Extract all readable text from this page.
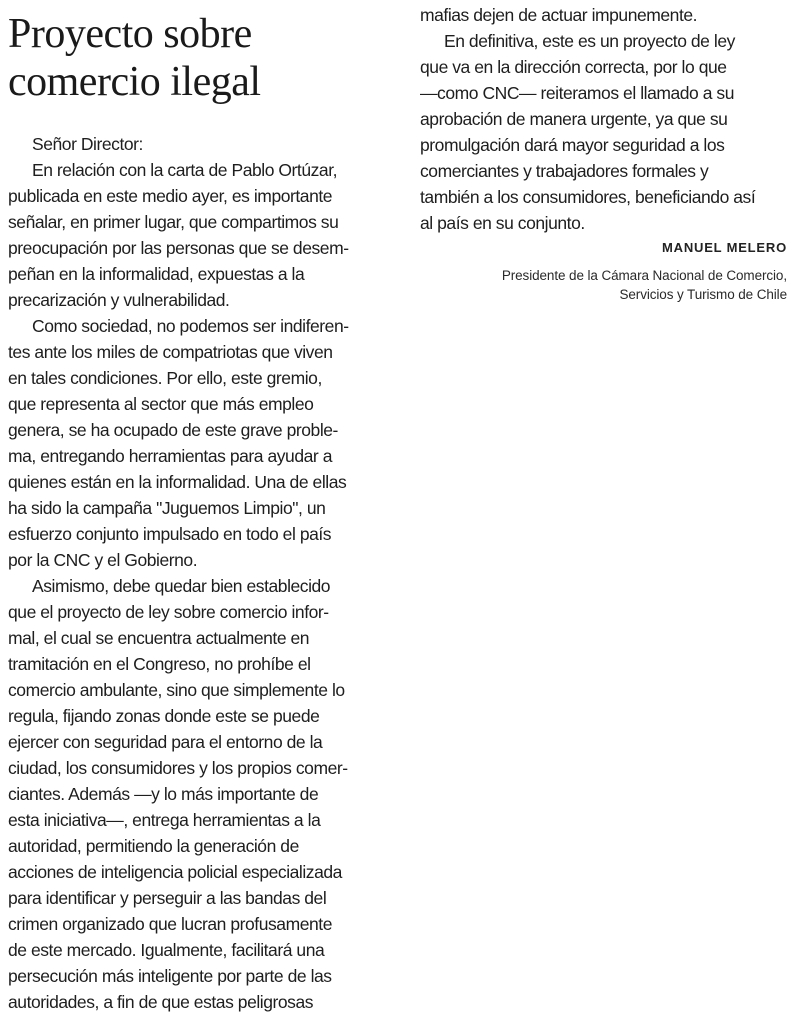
Proyecto sobre
comercio ilegal
Señor Director:
En relación con la carta de Pablo Ortúzar,
publicada en este medio ayer, es importante
señalar, en primer lugar, que compartimos su
preocupación por las personas que se desem-
peñan en la informalidad, expuestas a la
precarización y vulnerabilidad.
Como sociedad, no podemos ser indiferen-
tes ante los miles de compatriotas que viven
en tales condiciones. Por ello, este gremio,
que representa al sector que más empleo
genera, se ha ocupado de este grave proble-
ma, entregando herramientas para ayudar a
quienes están en la informalidad. Una de ellas
ha sido la campaña "Juguemos Limpio", un
esfuerzo conjunto impulsado en todo el país
por la CNC y el Gobierno.
Asimismo, debe quedar bien establecido
que el proyecto de ley sobre comercio infor-
mal, el cual se encuentra actualmente en
tramitación en el Congreso, no prohíbe el
comercio ambulante, sino que simplemente lo
regula, fijando zonas donde este se puede
ejercer con seguridad para el entorno de la
ciudad, los consumidores y los propios comer-
ciantes. Además —y lo más importante de
esta iniciativa—, entrega herramientas a la
autoridad, permitiendo la generación de
acciones de inteligencia policial especializada
para identificar y perseguir a las bandas del
crimen organizado que lucran profusamente
de este mercado. Igualmente, facilitará una
persecución más inteligente por parte de las
autoridades, a fin de que estas peligrosas
mafias dejen de actuar impunemente.
En definitiva, este es un proyecto de ley
que va en la dirección correcta, por lo que
—como CNC— reiteramos el llamado a su
aprobación de manera urgente, ya que su
promulgación dará mayor seguridad a los
comerciantes y trabajadores formales y
también a los consumidores, beneficiando así
al país en su conjunto.
MANUEL MELERO
Presidente de la Cámara Nacional de Comercio,
Servicios y Turismo de Chile
